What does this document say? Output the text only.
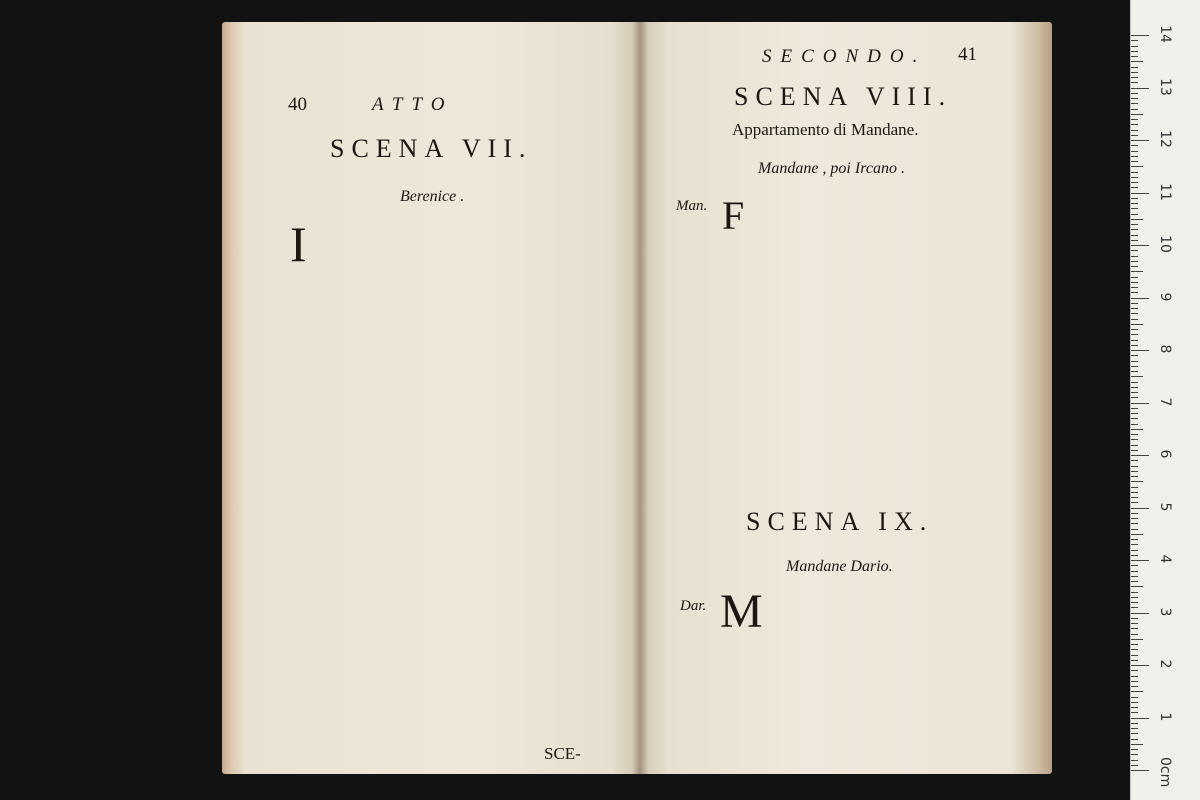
40	ATTO
SCENA VII.
Berenice .
I
SCE-
SECONDO. 41
SCENA VIII.
Appartamento di Mandane.
Mandane , poi Ircano .
Man. F
SCENA IX.
Mandane Dario.
Dar. M
0cm
1
2
3
4
5
6
7
8
9
10
11
12
13
14
